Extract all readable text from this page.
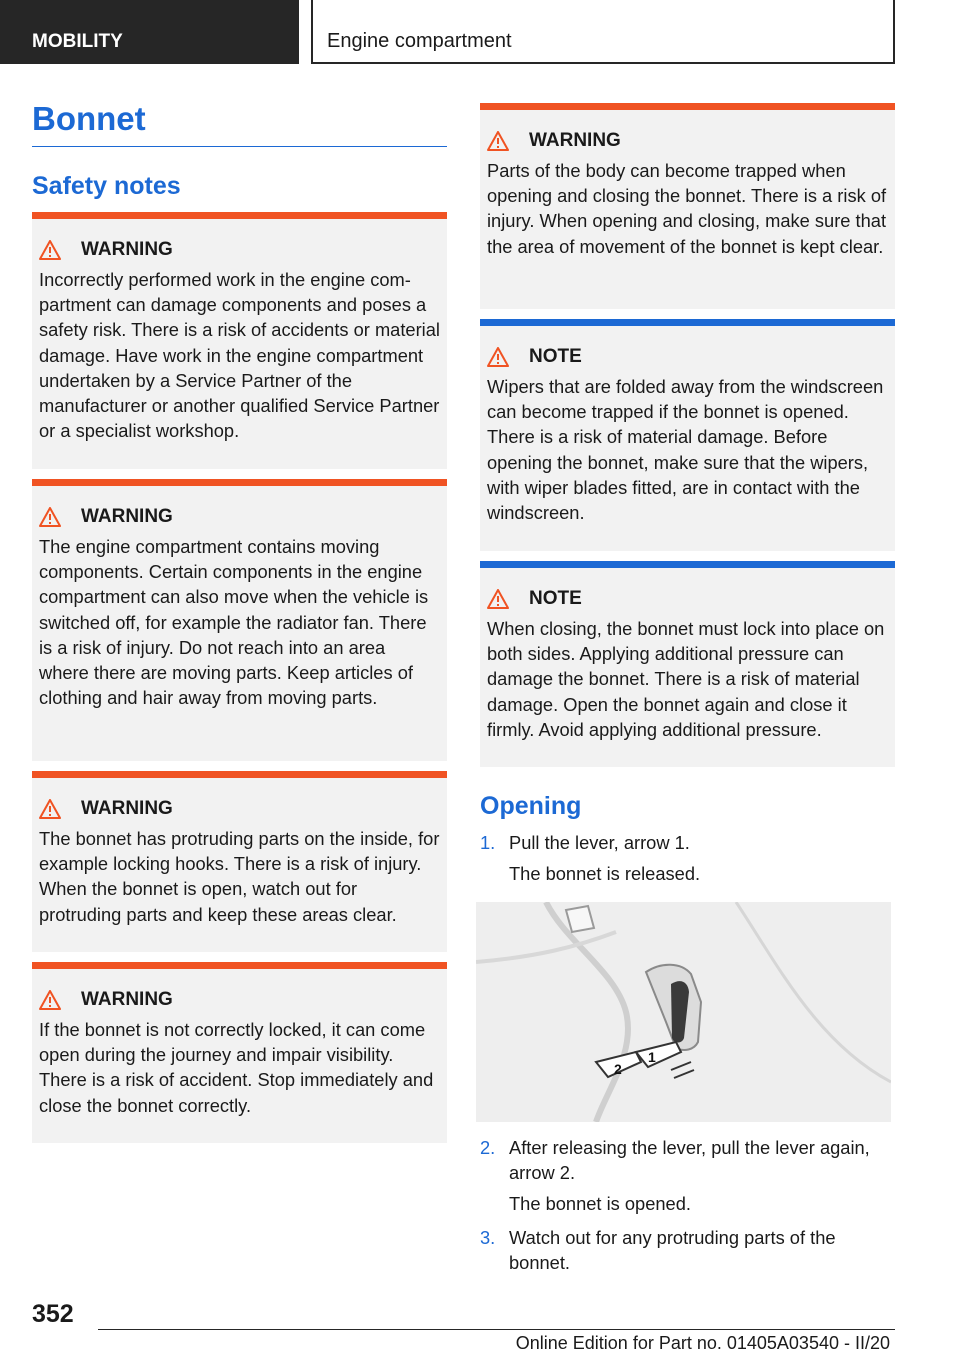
MOBILITY	Engine compartment
Bonnet
Safety notes
WARNING

Incorrectly performed work in the engine compartment can damage components and poses a safety risk. There is a risk of accidents or material damage. Have work in the engine compartment undertaken by a Service Partner of the manufacturer or another qualified Service Partner or a specialist workshop.

WARNING

The engine compartment contains moving components. Certain components in the engine compartment can also move when the vehicle is switched off, for example the radiator fan. There is a risk of injury. Do not reach into an area where there are moving parts. Keep articles of clothing and hair away from moving parts.

WARNING

The bonnet has protruding parts on the inside, for example locking hooks. There is a risk of injury. When the bonnet is open, watch out for protruding parts and keep these areas clear.

WARNING

If the bonnet is not correctly locked, it can come open during the journey and impair visibility. There is a risk of accident. Stop immediately and close the bonnet correctly.

WARNING

Parts of the body can become trapped when opening and closing the bonnet. There is a risk of injury. When opening and closing, make sure that the area of movement of the bonnet is kept clear.

NOTE

Wipers that are folded away from the windscreen can become trapped if the bonnet is opened. There is a risk of material damage. Before opening the bonnet, make sure that the wipers, with wiper blades fitted, are in contact with the windscreen.

NOTE

When closing, the bonnet must lock into place on both sides. Applying additional pressure can damage the bonnet. There is a risk of material damage. Open the bonnet again and close it firmly. Avoid applying additional pressure.

Opening
1. Pull the lever, arrow 1.
The bonnet is released.
2
1
2. After releasing the lever, pull the lever again, arrow 2.
The bonnet is opened.
3. Watch out for any protruding parts of the bonnet.
352
Online Edition for Part no. 01405A03540 - II/20
